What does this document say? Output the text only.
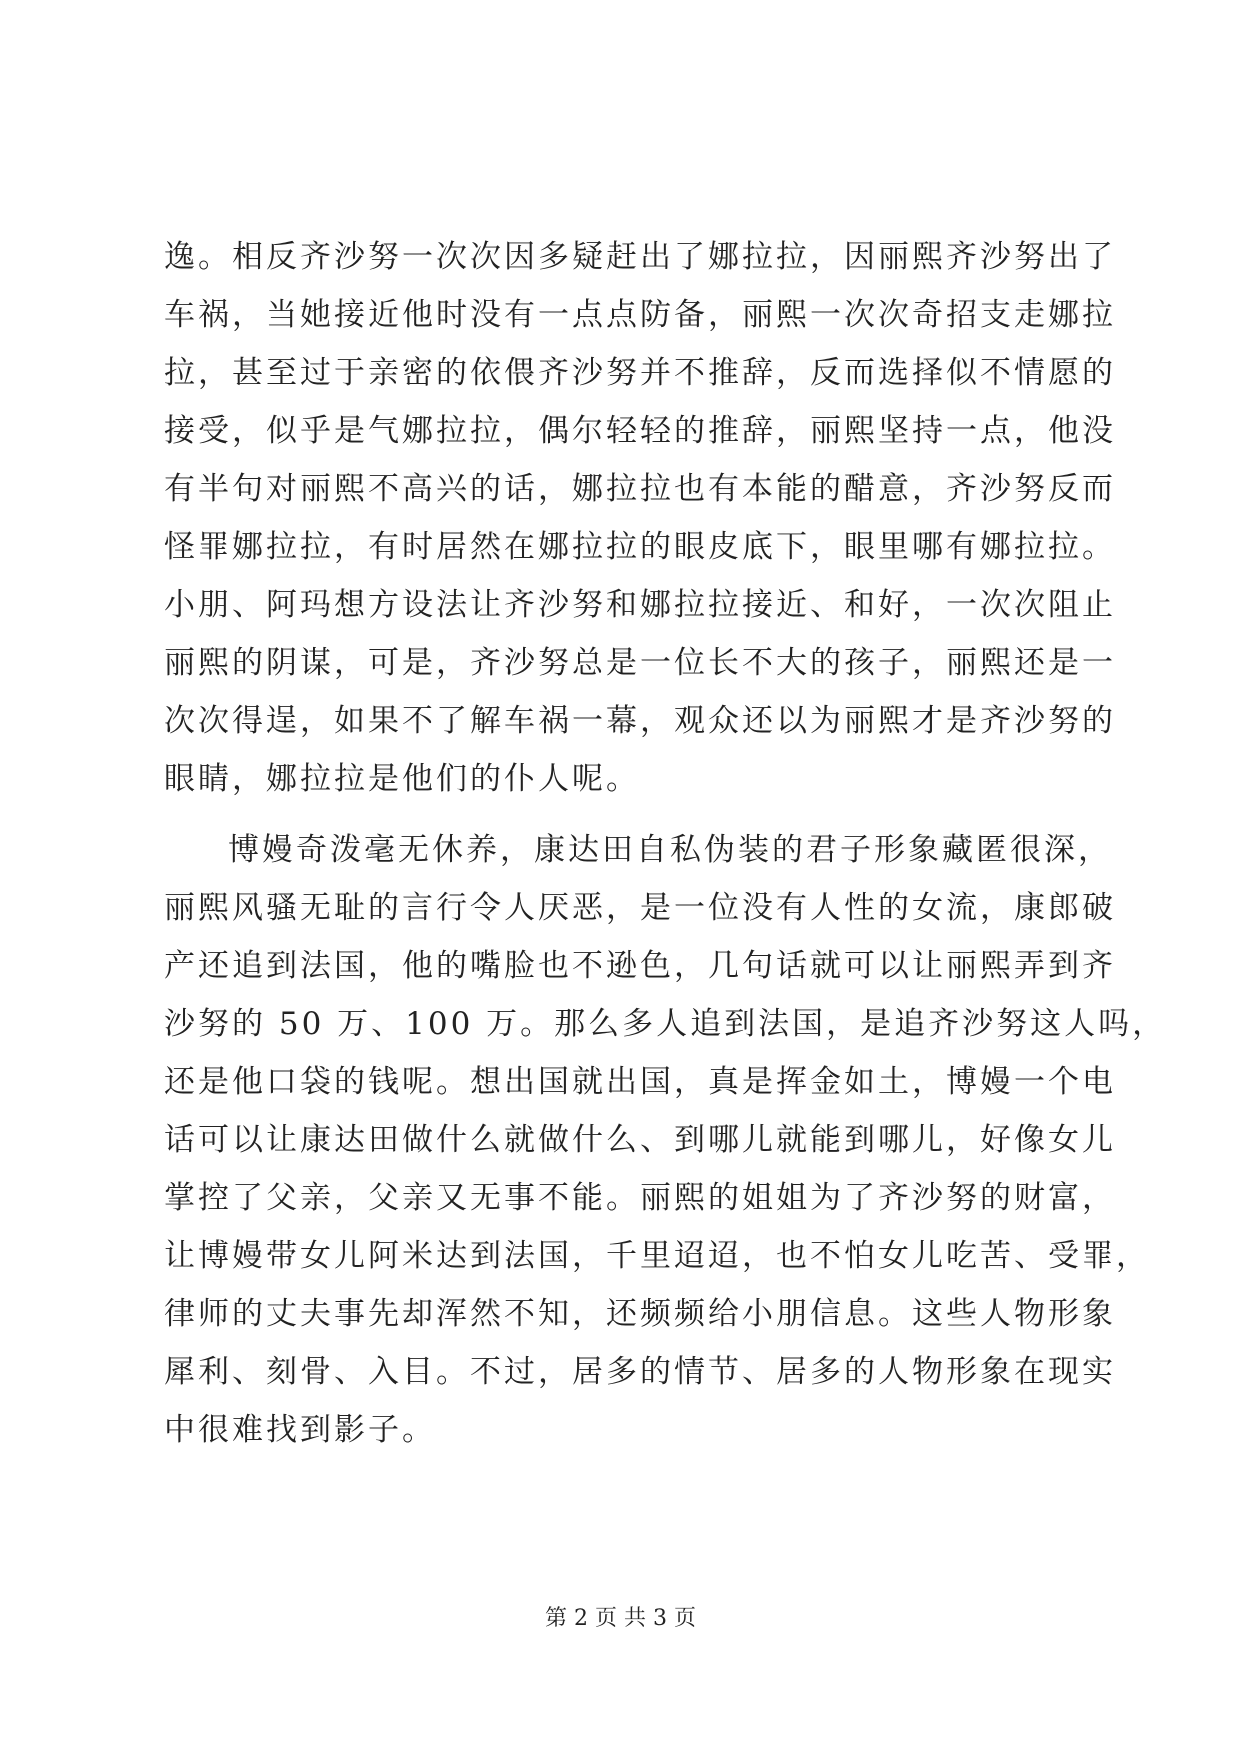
逸。相反齐沙努一次次因多疑赶出了娜拉拉，因丽熙齐沙努出了
车祸，当她接近他时没有一点点防备，丽熙一次次奇招支走娜拉
拉，甚至过于亲密的依偎齐沙努并不推辞，反而选择似不情愿的
接受，似乎是气娜拉拉，偶尔轻轻的推辞，丽熙坚持一点，他没
有半句对丽熙不高兴的话，娜拉拉也有本能的醋意，齐沙努反而
怪罪娜拉拉，有时居然在娜拉拉的眼皮底下，眼里哪有娜拉拉。
小朋、阿玛想方设法让齐沙努和娜拉拉接近、和好，一次次阻止
丽熙的阴谋，可是，齐沙努总是一位长不大的孩子，丽熙还是一
次次得逞，如果不了解车祸一幕，观众还以为丽熙才是齐沙努的
眼睛，娜拉拉是他们的仆人呢。
博嫚奇泼毫无休养，康达田自私伪装的君子形象藏匿很深，
丽熙风骚无耻的言行令人厌恶，是一位没有人性的女流，康郎破
产还追到法国，他的嘴脸也不逊色，几句话就可以让丽熙弄到齐
沙努的 50 万、100 万。那么多人追到法国，是追齐沙努这人吗，
还是他口袋的钱呢。想出国就出国，真是挥金如土，博嫚一个电
话可以让康达田做什么就做什么、到哪儿就能到哪儿，好像女儿
掌控了父亲，父亲又无事不能。丽熙的姐姐为了齐沙努的财富，
让博嫚带女儿阿米达到法国，千里迢迢，也不怕女儿吃苦、受罪，
律师的丈夫事先却浑然不知，还频频给小朋信息。这些人物形象
犀利、刻骨、入目。不过，居多的情节、居多的人物形象在现实
中很难找到影子。
第 2 页 共 3 页
